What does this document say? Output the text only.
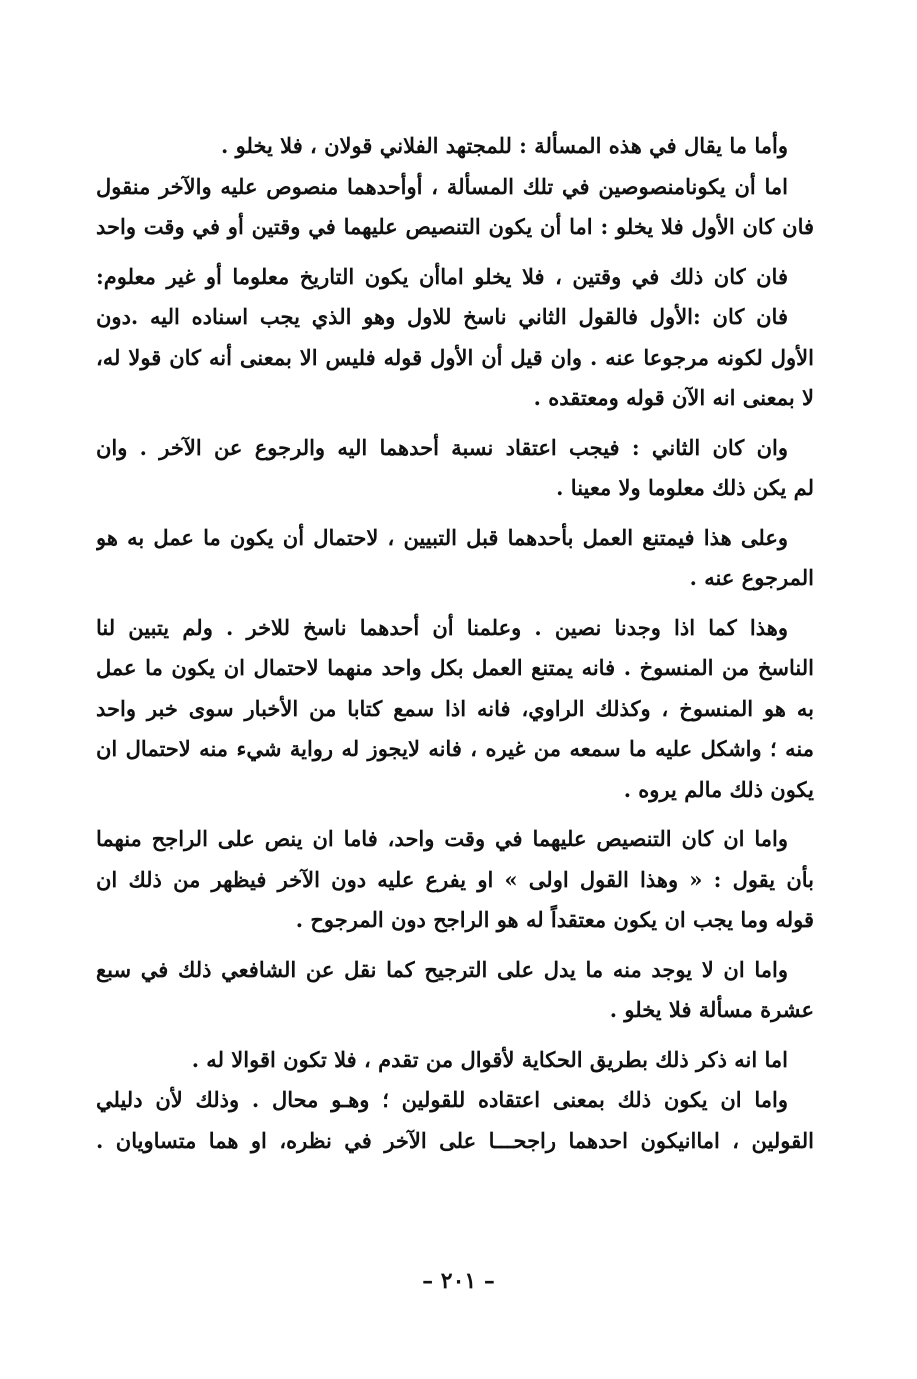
وأما ما يقال في هذه المسألة : للمجتهد الفلاني قولان ، فلا يخلو .

اما أن يكونامنصوصين في تلك المسألة ، أوأحدهما منصوص عليه والآخر منقول
فان كان الأول فلا يخلو : اما أن يكون التنصيص عليهما في وقتين أو في وقت واحد

فان كان ذلك في وقتين ، فلا يخلو اماأن يكون التاريخ معلوما أو غير معلوم:

فان كان :الأول فالقول الثاني ناسخ للاول وهو الذي يجب اسناده اليه .دون
الأول لكونه مرجوعا عنه . وان قيل أن الأول قوله فليس الا بمعنى أنه كان قولا له،
لا بمعنى انه الآن قوله ومعتقده .

وان كان الثاني : فيجب اعتقاد نسبة أحدهما اليه والرجوع عن الآخر . وان
لم يكن ذلك معلوما ولا معينا .

وعلى هذا فيمتنع العمل بأحدهما قبل التبيين ، لاحتمال أن يكون ما عمل به هو
المرجوع عنه .

وهذا كما اذا وجدنا نصين . وعلمنا أن أحدهما ناسخ للاخر . ولم يتبين لنا
الناسخ من المنسوخ . فانه يمتنع العمل بكل واحد منهما لاحتمال ان يكون ما عمل
به هو المنسوخ ، وكذلك الراوي، فانه اذا سمع كتابا من الأخبار سوى خبر واحد
منه ؛ واشكل عليه ما سمعه من غيره ، فانه لايجوز له رواية شيء منه لاحتمال ان
يكون ذلك مالم يروه .

واما ان كان التنصيص عليهما في وقت واحد، فاما ان ينص على الراجح منهما
بأن يقول : « وهذا القول اولى » او يفرع عليه دون الآخر فيظهر من ذلك ان
قوله وما يجب ان يكون معتقداً له هو الراجح دون المرجوح .

واما ان لا يوجد منه ما يدل على الترجيح كما نقل عن الشافعي ذلك في سبع
عشرة مسألة فلا يخلو .

اما انه ذكر ذلك بطريق الحكاية لأقوال من تقدم ، فلا تكون اقوالا له .

واما ان يكون ذلك بمعنى اعتقاده للقولين ؛ وهـو محال . وذلك لأن دليلي
القولين ، اماانيكون احدهما راجحـــا على الآخر في نظره، او هما متساويان .

– ٢٠١ –
